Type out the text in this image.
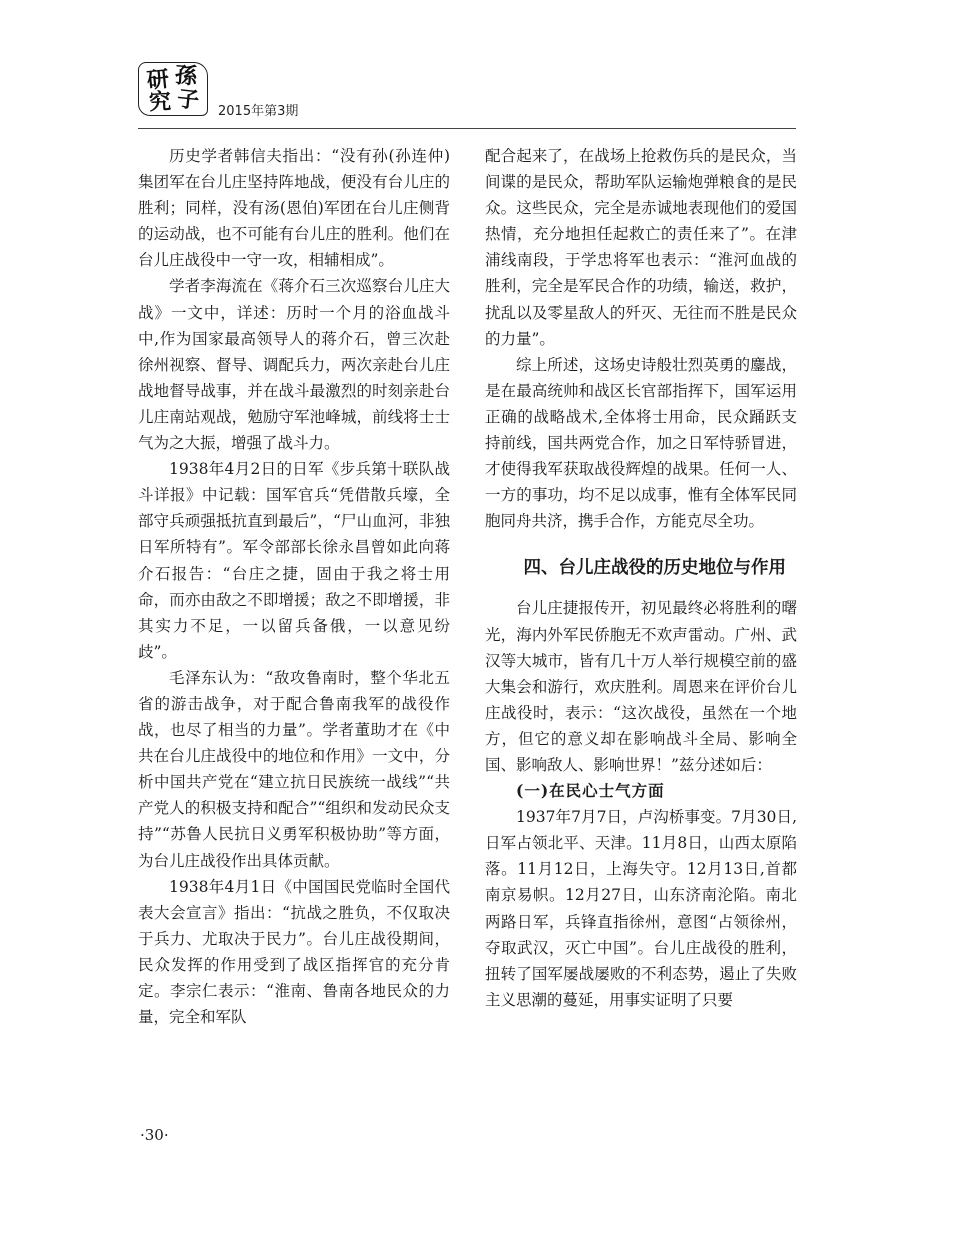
研 孫
究 子 2015年第3期

历史学者韩信夫指出：“没有孙(孙连仲)集团军在台儿庄坚持阵地战，便没有台儿庄的胜利；同样，没有汤(恩伯)军团在台儿庄侧背的运动战，也不可能有台儿庄的胜利。他们在台儿庄战役中一守一攻，相辅相成”。

学者李海流在《蒋介石三次巡察台儿庄大战》一文中，详述：历时一个月的浴血战斗中,作为国家最高领导人的蒋介石，曾三次赴徐州视察、督导、调配兵力，两次亲赴台儿庄战地督导战事，并在战斗最激烈的时刻亲赴台儿庄南站观战，勉励守军池峰城，前线将士士气为之大振，增强了战斗力。

1938年4月2日的日军《步兵第十联队战斗详报》中记载：国军官兵“凭借散兵壕，全部守兵顽强抵抗直到最后”，“尸山血河，非独日军所特有”。军令部部长徐永昌曾如此向蒋介石报告：“台庄之捷，固由于我之将士用命，而亦由敌之不即增援；敌之不即增援，非其实力不足，一以留兵备俄，一以意见纷歧”。

毛泽东认为：“敌攻鲁南时，整个华北五省的游击战争，对于配合鲁南我军的战役作战，也尽了相当的力量”。学者董助才在《中共在台儿庄战役中的地位和作用》一文中，分析中国共产党在“建立抗日民族统一战线”“共产党人的积极支持和配合”“组织和发动民众支持”“苏鲁人民抗日义勇军积极协助”等方面，为台儿庄战役作出具体贡献。

1938年4月1日《中国国民党临时全国代表大会宣言》指出：“抗战之胜负，不仅取决于兵力、尤取决于民力”。台儿庄战役期间，民众发挥的作用受到了战区指挥官的充分肯定。李宗仁表示：“淮南、鲁南各地民众的力量，完全和军队

配合起来了，在战场上抢救伤兵的是民众，当间谍的是民众，帮助军队运输炮弹粮食的是民众。这些民众，完全是赤诚地表现他们的爱国热情，充分地担任起救亡的责任来了”。在津浦线南段，于学忠将军也表示：“淮河血战的胜利，完全是军民合作的功绩，输送，救护，扰乱以及零星敌人的歼灭、无往而不胜是民众的力量”。

综上所述，这场史诗般壮烈英勇的鏖战，是在最高统帅和战区长官部指挥下，国军运用正确的战略战术,全体将士用命，民众踊跃支持前线，国共两党合作，加之日军恃骄冒进，才使得我军获取战役辉煌的战果。任何一人、一方的事功，均不足以成事，惟有全体军民同胞同舟共济，携手合作，方能克尽全功。

四、台儿庄战役的历史地位与作用

台儿庄捷报传开，初见最终必将胜利的曙光，海内外军民侨胞无不欢声雷动。广州、武汉等大城市，皆有几十万人举行规模空前的盛大集会和游行，欢庆胜利。周恩来在评价台儿庄战役时，表示：“这次战役，虽然在一个地方，但它的意义却在影响战斗全局、影响全国、影响敌人、影响世界！”兹分述如后：

(一)在民心士气方面

1937年7月7日，卢沟桥事变。7月30日,日军占领北平、天津。11月8日，山西太原陷落。11月12日，上海失守。12月13日,首都南京易帜。12月27日，山东济南沦陷。南北两路日军，兵锋直指徐州，意图“占领徐州，夺取武汉，灭亡中国”。台儿庄战役的胜利，扭转了国军屡战屡败的不利态势，遏止了失败主义思潮的蔓延，用事实证明了只要

·30·
